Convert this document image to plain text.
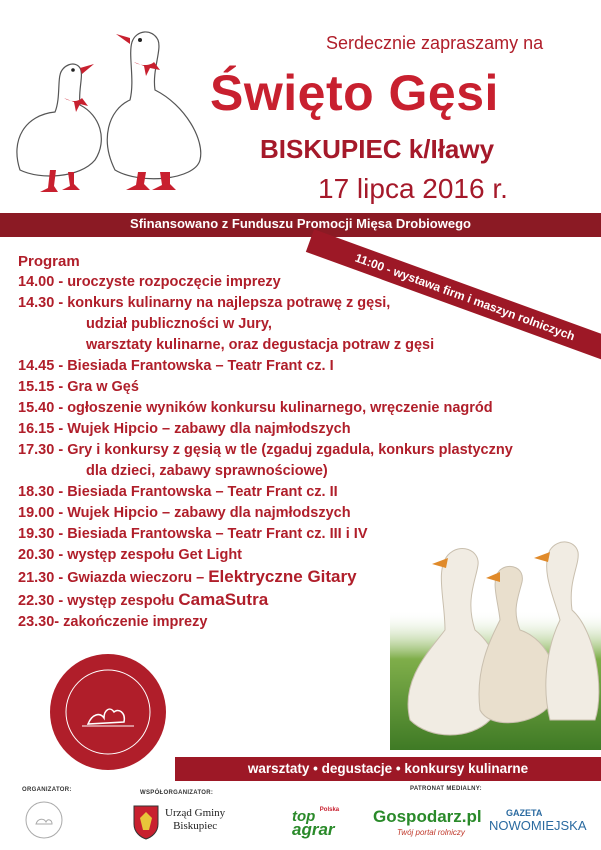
Serdecznie zapraszamy na
Święto Gęsi
BISKUPIEC k/Iławy
17 lipca 2016 r.
Sfinansowano z Funduszu Promocji Mięsa Drobiowego
11:00 - wystawa firm i maszyn rolniczych
Program
14.00 - uroczyste rozpoczęcie imprezy
14.30 - konkurs kulinarny na najlepsza potrawę z gęsi,
udział publiczności w Jury,
warsztaty kulinarne, oraz degustacja potraw z gęsi
14.45 - Biesiada Frantowska – Teatr Frant cz. I
15.15 - Gra w Gęś
15.40 - ogłoszenie wyników konkursu kulinarnego, wręczenie nagród
16.15 - Wujek Hipcio – zabawy dla najmłodszych
17.30 - Gry i konkursy z gęsią w tle (zgaduj zgadula, konkurs plastyczny
dla dzieci, zabawy sprawnościowe)
18.30 - Biesiada Frantowska – Teatr Frant cz. II
19.00 - Wujek Hipcio – zabawy dla najmłodszych
19.30 - Biesiada Frantowska – Teatr Frant cz. III i IV
20.30 - występ zespołu Get Light
21.30 - Gwiazda wieczoru – Elektryczne Gitary
22.30 - występ zespołu CamaSutra
23.30- zakończenie imprezy
warsztaty • degustacje • konkursy kulinarne
ORGANIZATOR:	WSPÓŁORGANIZATOR:
Urząd Gminy
Biskupiec
PATRONAT MEDIALNY:
top $^{Polska}$
agrar
Gospodarz.pl
Twój portal rolniczy
GAZETA
NOWOMIEJSKA
